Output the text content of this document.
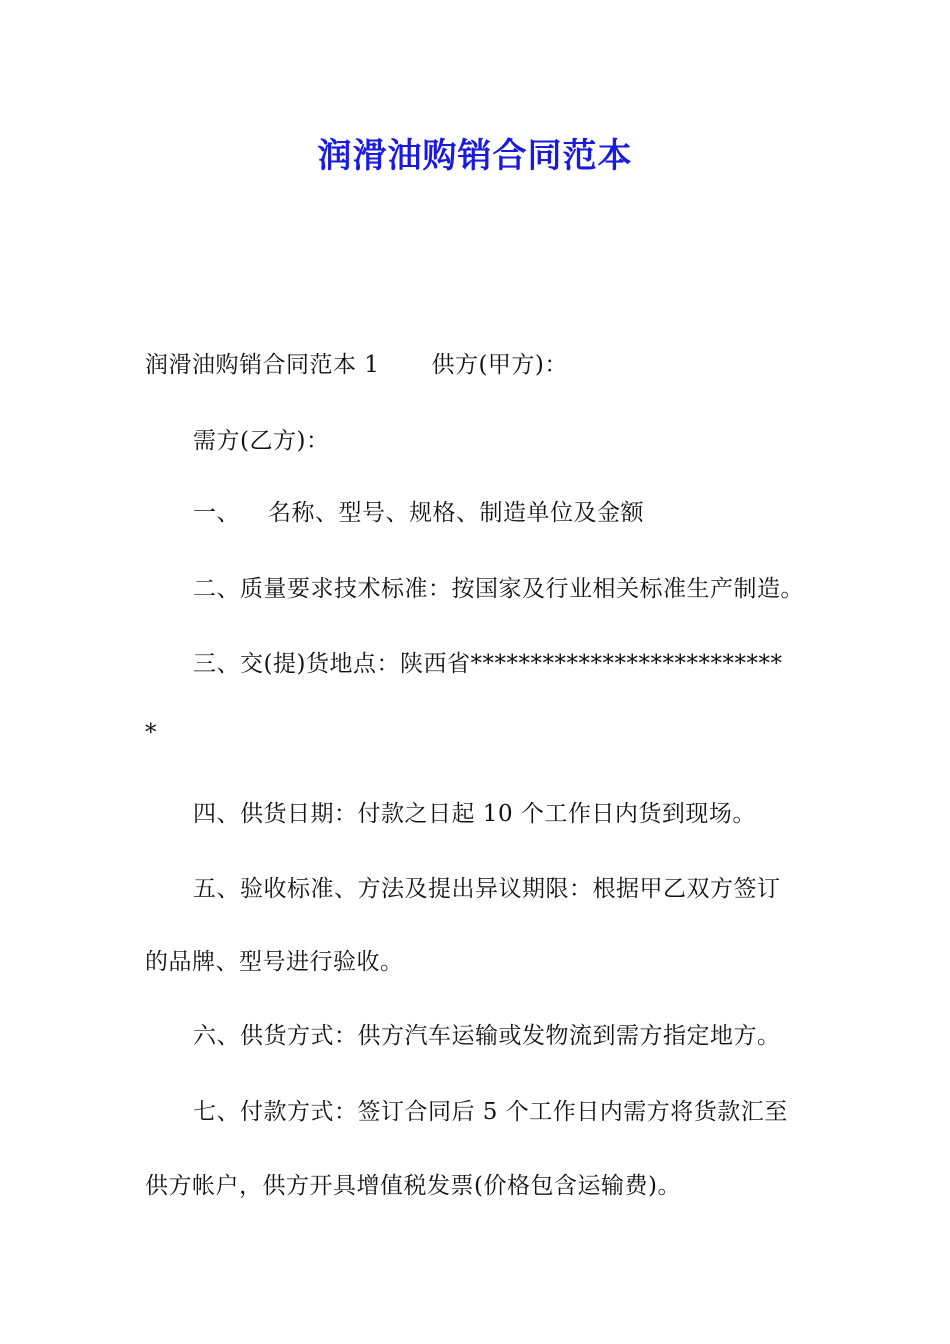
润滑油购销合同范本
润滑油购销合同范本 1 供方(甲方)：
需方(乙方)：
一、 名称、型号、规格、制造单位及金额
二、质量要求技术标准：按国家及行业相关标准生产制造。
三、交(提)货地点：陕西省**************************
*
四、供货日期：付款之日起 10 个工作日内货到现场。
五、验收标准、方法及提出异议期限：根据甲乙双方签订
的品牌、型号进行验收。
六、供货方式：供方汽车运输或发物流到需方指定地方。
七、付款方式：签订合同后 5 个工作日内需方将货款汇至
供方帐户，供方开具增值税发票(价格包含运输费)。
